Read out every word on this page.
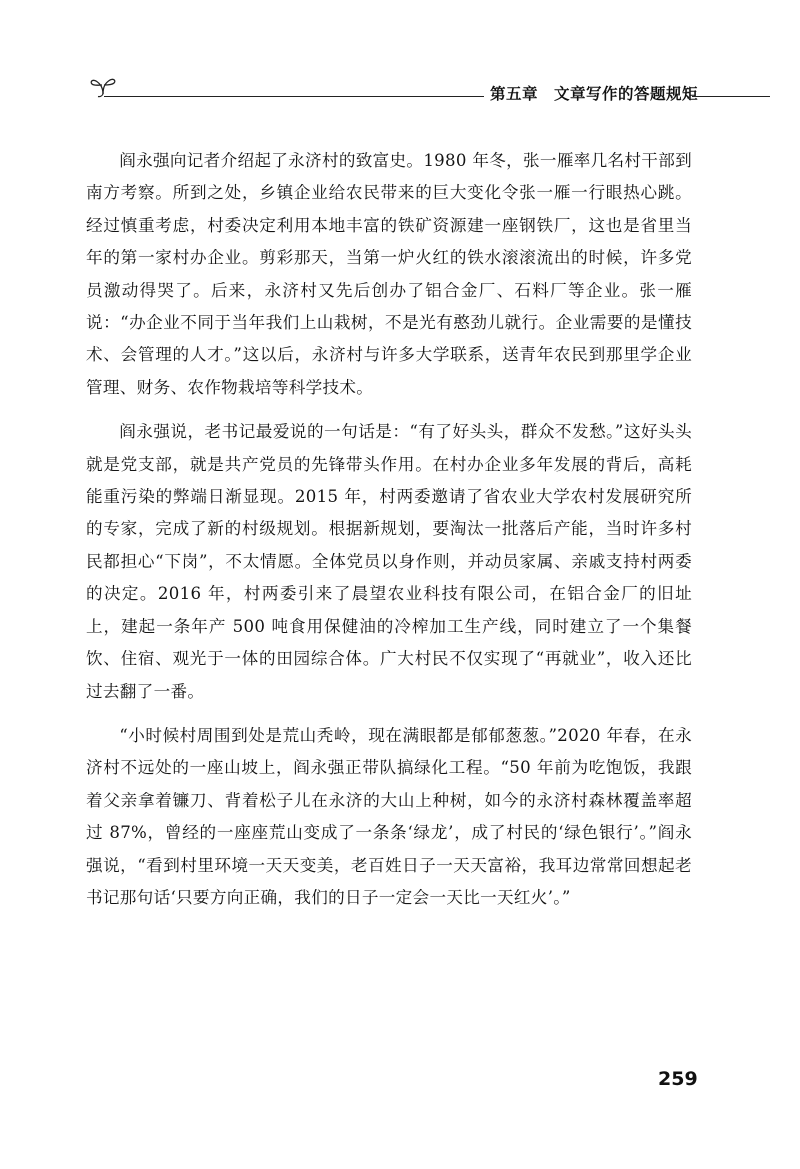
第五章 文章写作的答题规矩

阎永强向记者介绍起了永济村的致富史。1980 年冬，张一雁率几名村干部到南方考察。所到之处，乡镇企业给农民带来的巨大变化令张一雁一行眼热心跳。经过慎重考虑，村委决定利用本地丰富的铁矿资源建一座钢铁厂，这也是省里当年的第一家村办企业。剪彩那天，当第一炉火红的铁水滚滚流出的时候，许多党员激动得哭了。后来，永济村又先后创办了铝合金厂、石料厂等企业。张一雁说：“办企业不同于当年我们上山栽树，不是光有憨劲儿就行。企业需要的是懂技术、会管理的人才。”这以后，永济村与许多大学联系，送青年农民到那里学企业管理、财务、农作物栽培等科学技术。

阎永强说，老书记最爱说的一句话是：“有了好头头，群众不发愁。”这好头头就是党支部，就是共产党员的先锋带头作用。在村办企业多年发展的背后，高耗能重污染的弊端日渐显现。2015 年，村两委邀请了省农业大学农村发展研究所的专家，完成了新的村级规划。根据新规划，要淘汰一批落后产能，当时许多村民都担心“下岗”，不太情愿。全体党员以身作则，并动员家属、亲戚支持村两委的决定。2016 年，村两委引来了晨望农业科技有限公司，在铝合金厂的旧址上，建起一条年产 500 吨食用保健油的冷榨加工生产线，同时建立了一个集餐饮、住宿、观光于一体的田园综合体。广大村民不仅实现了“再就业”，收入还比过去翻了一番。

“小时候村周围到处是荒山秃岭，现在满眼都是郁郁葱葱。”2020 年春，在永济村不远处的一座山坡上，阎永强正带队搞绿化工程。“50 年前为吃饱饭，我跟着父亲拿着镰刀、背着松子儿在永济的大山上种树，如今的永济村森林覆盖率超过 87%，曾经的一座座荒山变成了一条条‘绿龙’，成了村民的‘绿色银行’。”阎永强说，“看到村里环境一天天变美，老百姓日子一天天富裕，我耳边常常回想起老书记那句话‘只要方向正确，我们的日子一定会一天比一天红火’。”

259
